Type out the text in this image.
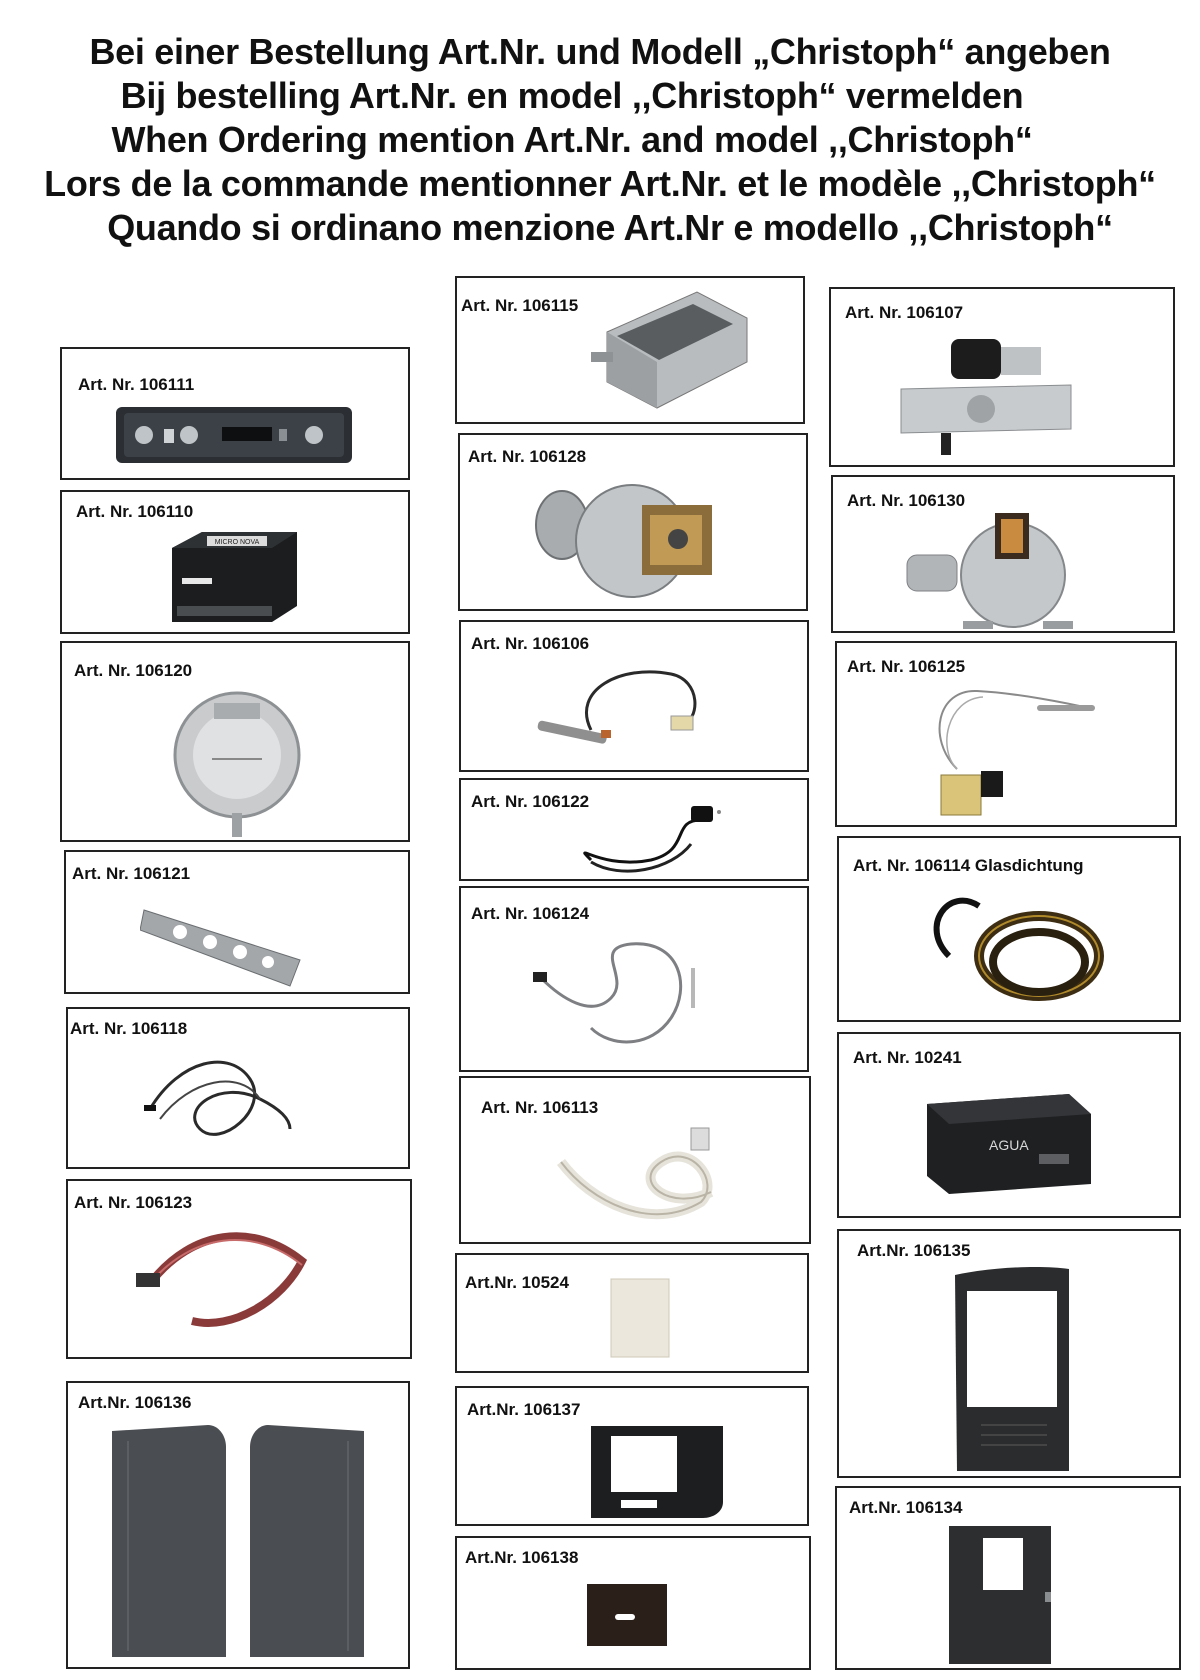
Bei einer Bestellung Art.Nr. und Modell „Christoph“ angeben
Bij bestelling Art.Nr. en model ,,Christoph“ vermelden
When Ordering mention Art.Nr. and model ,,Christoph“
Lors de la commande mentionner Art.Nr. et le modèle ,,Christoph“
Quando si ordinano menzione Art.Nr e modello ,,Christoph“
Art. Nr. 106111
Art. Nr. 106110
MICRO NOVA
Art. Nr. 106120
Art. Nr. 106121
Art. Nr. 106118
Art. Nr. 106123
Art.Nr. 106136
Art. Nr. 106115
Art. Nr. 106128
Art. Nr. 106106
Art. Nr. 106122
Art. Nr. 106124
Art. Nr. 106113
Art.Nr. 10524
Art.Nr. 106137
Art.Nr. 106138
Art. Nr. 106107
Art. Nr. 106130
Art. Nr. 106125
Art. Nr. 106114 Glasdichtung
Art. Nr. 10241
AGUA
Art.Nr. 106135
Art.Nr. 106134
